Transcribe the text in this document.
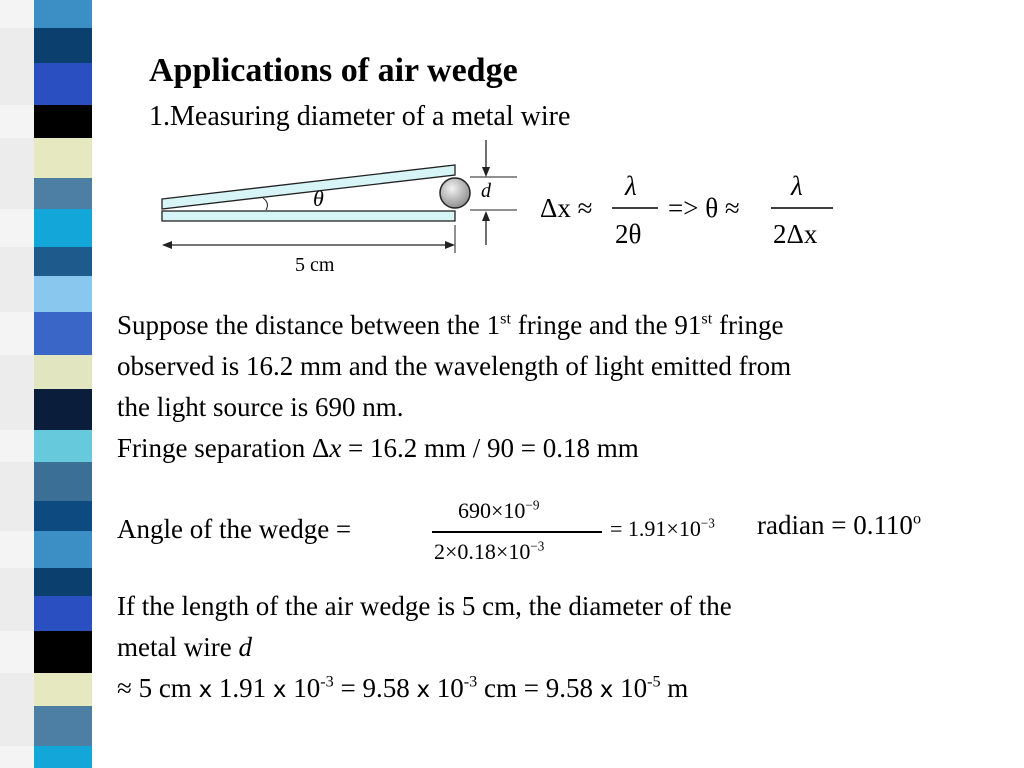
Applications of air wedge
1.Measuring diameter of a metal wire
θ	d
5 cm
Δx ≈
λ
2θ
=> θ ≈
λ
2Δx
Suppose the distance between the 1st fringe and the 91st fringe
observed is 16.2 mm and the wavelength of light emitted from
the light source is 690 nm.
Fringe separation Δx = 16.2 mm / 90 = 0.18 mm
Angle of the wedge =
$690\times 10^{-9}$
$2\times 0.18\times 10^{-3}$
= $1.91\times 10^{-3}$ radian = $0.110^o$
If the length of the air wedge is 5 cm, the diameter of the
metal wire d
≈ 5 cm x 1.91 x $10^{-3} = 9.58$ x $10^{-3}$ cm = 9.58 x $10^{-5}$ m
